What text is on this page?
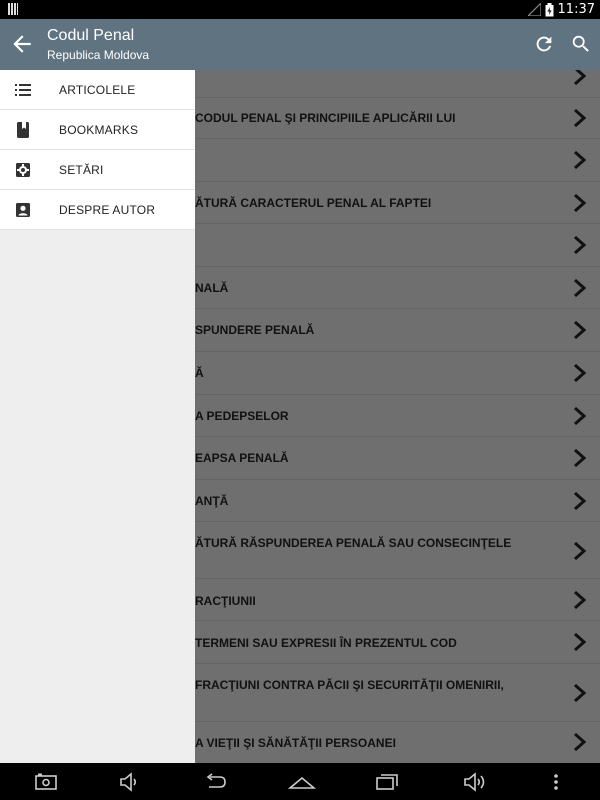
11:37
Codul Penal
Republica Moldova
CODUL PENAL ŞI PRINCIPIILE APLICĂRII LUI
ĂTURĂ CARACTERUL PENAL AL FAPTEI
NALĂ
SPUNDERE PENALĂ
Ă
A PEDEPSELOR
EAPSA PENALĂ
ANŢĂ
ĂTURĂ RĂSPUNDEREA PENALĂ SAU CONSECINŢELE
RACŢIUNII
TERMENI SAU EXPRESII ÎN PREZENTUL COD
FRACŢIUNI CONTRA PĂCII ŞI SECURITĂŢII OMENIRII,
A VIEŢII ŞI SĂNĂTĂŢII PERSOANEI
ARTICOLELE
BOOKMARKS
SETĂRI
DESPRE AUTOR
